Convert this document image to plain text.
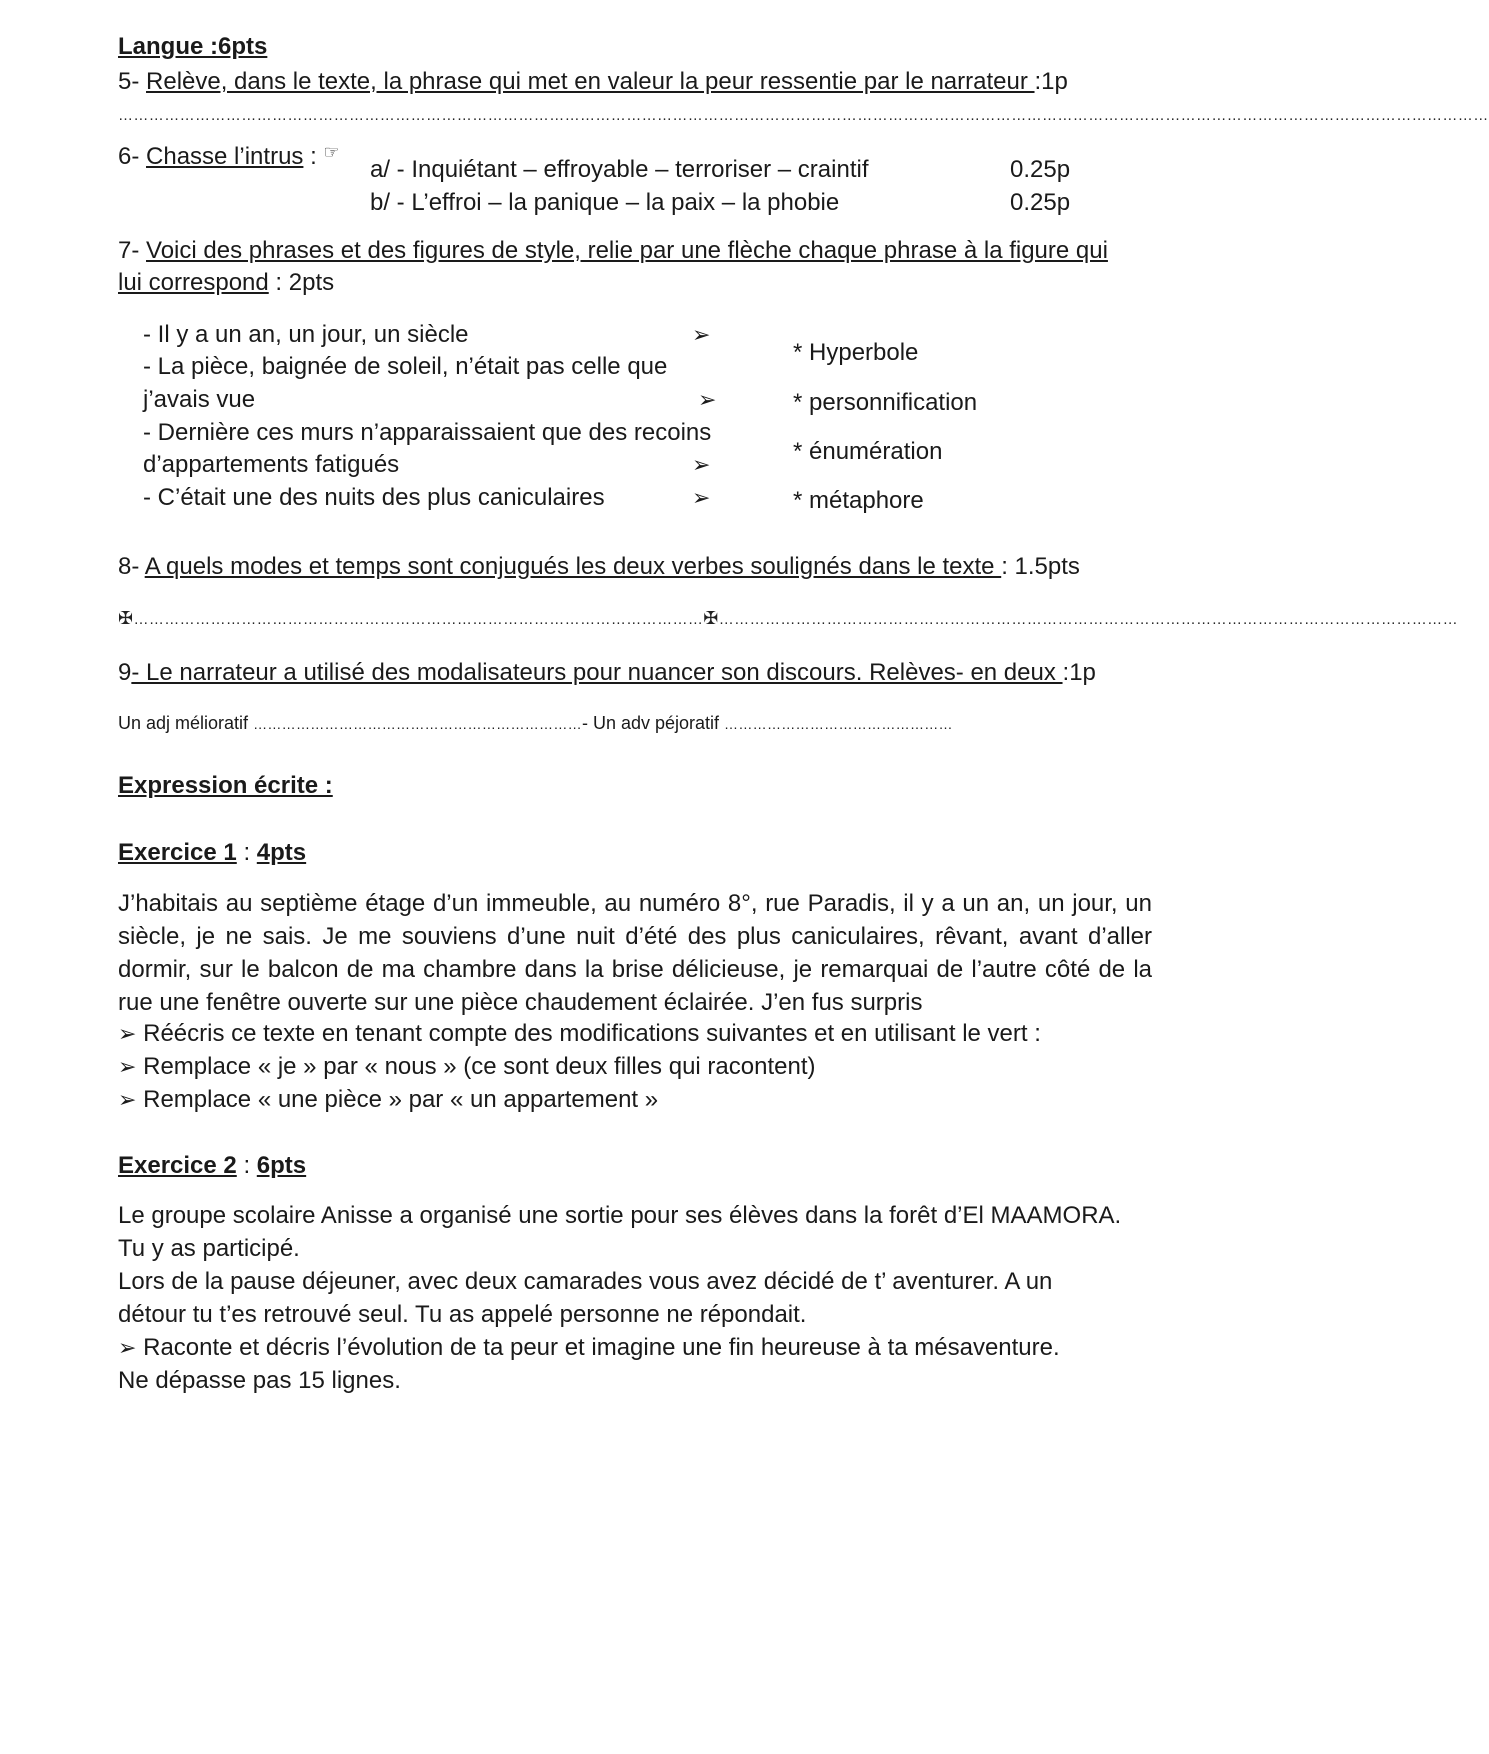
Langue :6pts
5- Relève, dans le texte, la phrase qui met en valeur la peur ressentie par le narrateur :1p
……………………………………………………………………………………………………………………………………………………………………………………………………………………………………………
6- Chasse l’intrus : ☞
a/ - Inquiétant – effroyable – terroriser – craintif	0.25p
b/ - L’effroi – la panique – la paix – la phobie	0.25p
7- Voici des phrases et des figures de style, relie par une flèche chaque phrase à la figure qui
lui correspond : 2pts
- Il y a un an, un jour, un siècle
- La pièce, baignée de soleil, n’était pas celle que
j’avais vue
- Dernière ces murs n’apparaissaient que des recoins
d’appartements fatigués
- C’était une des nuits des plus caniculaires
➢
➢
➢
➢
* Hyperbole
* personnification
* énumération
* métaphore
8- A quels modes et temps sont conjugués les deux verbes soulignés dans le texte : 1.5pts
✠…………………………………………………………………………………………………✠………………………………………………………………………………………………………………………………
9- Le narrateur a utilisé des modalisateurs pour nuancer son discours. Relèves- en deux :1p
Un adj mélioratif ……………………………………………………………- Un adv péjoratif …………………………………………
Expression écrite :
Exercice 1 : 4pts
J’habitais au septième étage d’un immeuble, au numéro 8°, rue Paradis, il y a un an, un jour, un siècle, je ne sais. Je me souviens d’une nuit d’été des plus caniculaires, rêvant, avant d’aller dormir, sur le balcon de ma chambre dans la brise délicieuse, je remarquai de l’autre côté de la rue une fenêtre ouverte sur une pièce chaudement éclairée. J’en fus surpris
➢ Réécris ce texte en tenant compte des modifications suivantes et en utilisant le vert :
➢ Remplace « je » par « nous » (ce sont deux filles qui racontent)
➢ Remplace « une pièce » par « un appartement »
Exercice 2 : 6pts
Le groupe scolaire Anisse a organisé une sortie pour ses élèves dans la forêt d’El MAAMORA.
Tu y as participé.
Lors de la pause déjeuner, avec deux camarades vous avez décidé de t’ aventurer. A un
détour tu t’es retrouvé seul. Tu as appelé personne ne répondait.
➢ Raconte et décris l’évolution de ta peur et imagine une fin heureuse à ta mésaventure.
Ne dépasse pas 15 lignes.
